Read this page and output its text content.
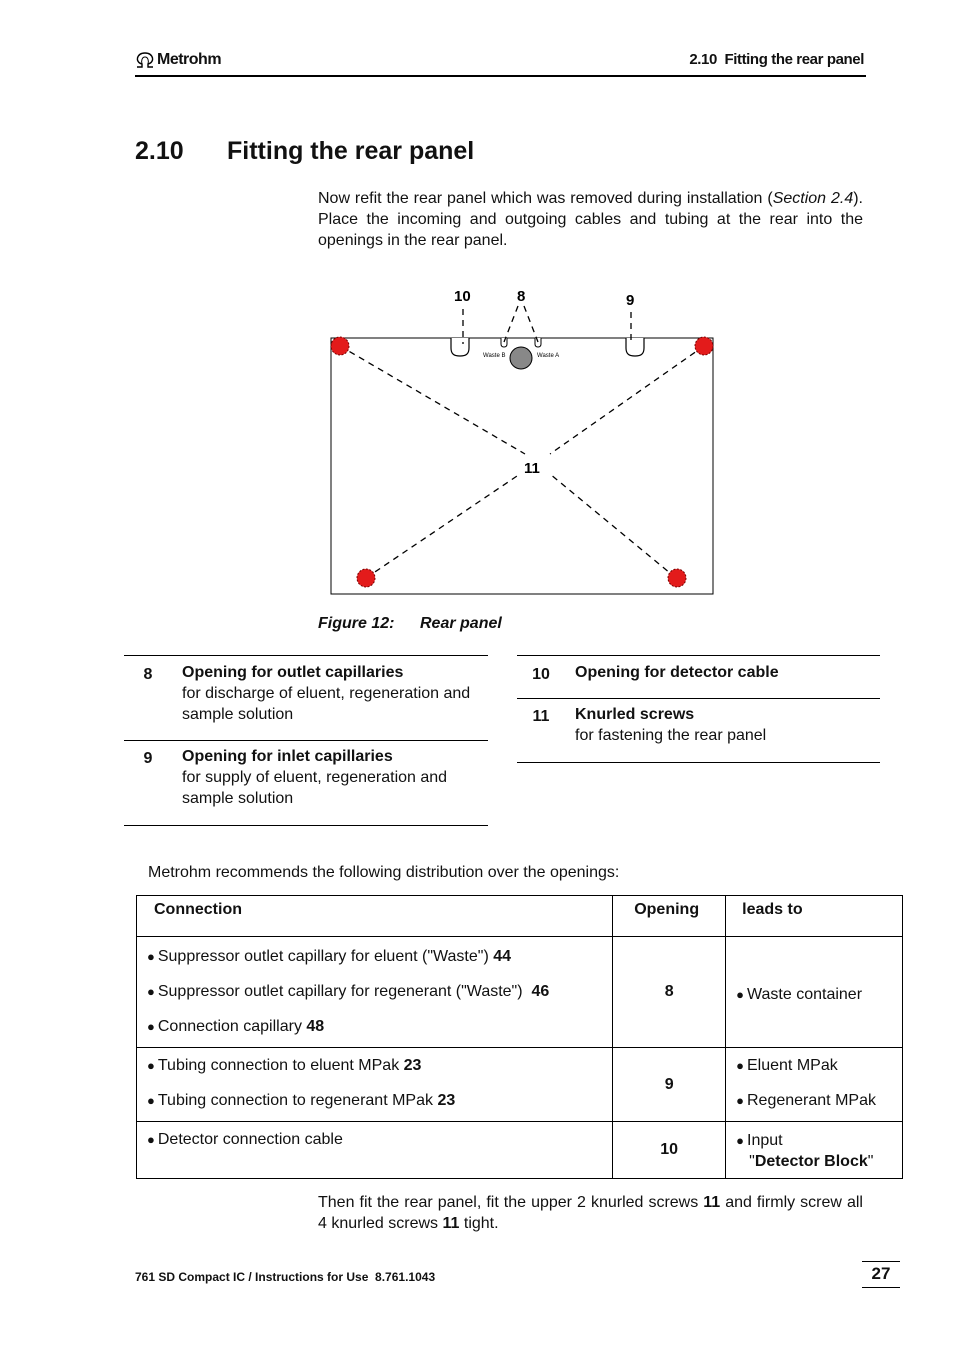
Metrohm	2.10  Fitting the rear panel
2.10 Fitting the rear panel
Now refit the rear panel which was removed during installation (Section 2.4). Place the incoming and outgoing cables and tubing at the rear into the openings in the rear panel.
Waste B	Waste A
10	8	9
11
Figure 12: Rear panel
8	Opening for outlet capillaries
for discharge of eluent, regeneration and sample solution
9	Opening for inlet capillaries
for supply of eluent, regeneration and sample solution
10	Opening for detector cable
11	Knurled screws
for fastening the rear panel
Metrohm recommends the following distribution over the openings:
Connection	Opening	leads to

● Suppressor outlet capillary for eluent ("Waste") 44
● Suppressor outlet capillary for regenerant ("Waste") 46
● Connection capillary 48	8	● Waste container

● Tubing connection to eluent MPak 23
● Tubing connection to regenerant MPak 23	9	● Eluent MPak
● Regenerant MPak

● Detector connection cable	10	● Input
"Detector Block"
Then fit the rear panel, fit the upper 2 knurled screws 11 and firmly screw all 4 knurled screws 11 tight.
761 SD Compact IC / Instructions for Use  8.761.1043	27
